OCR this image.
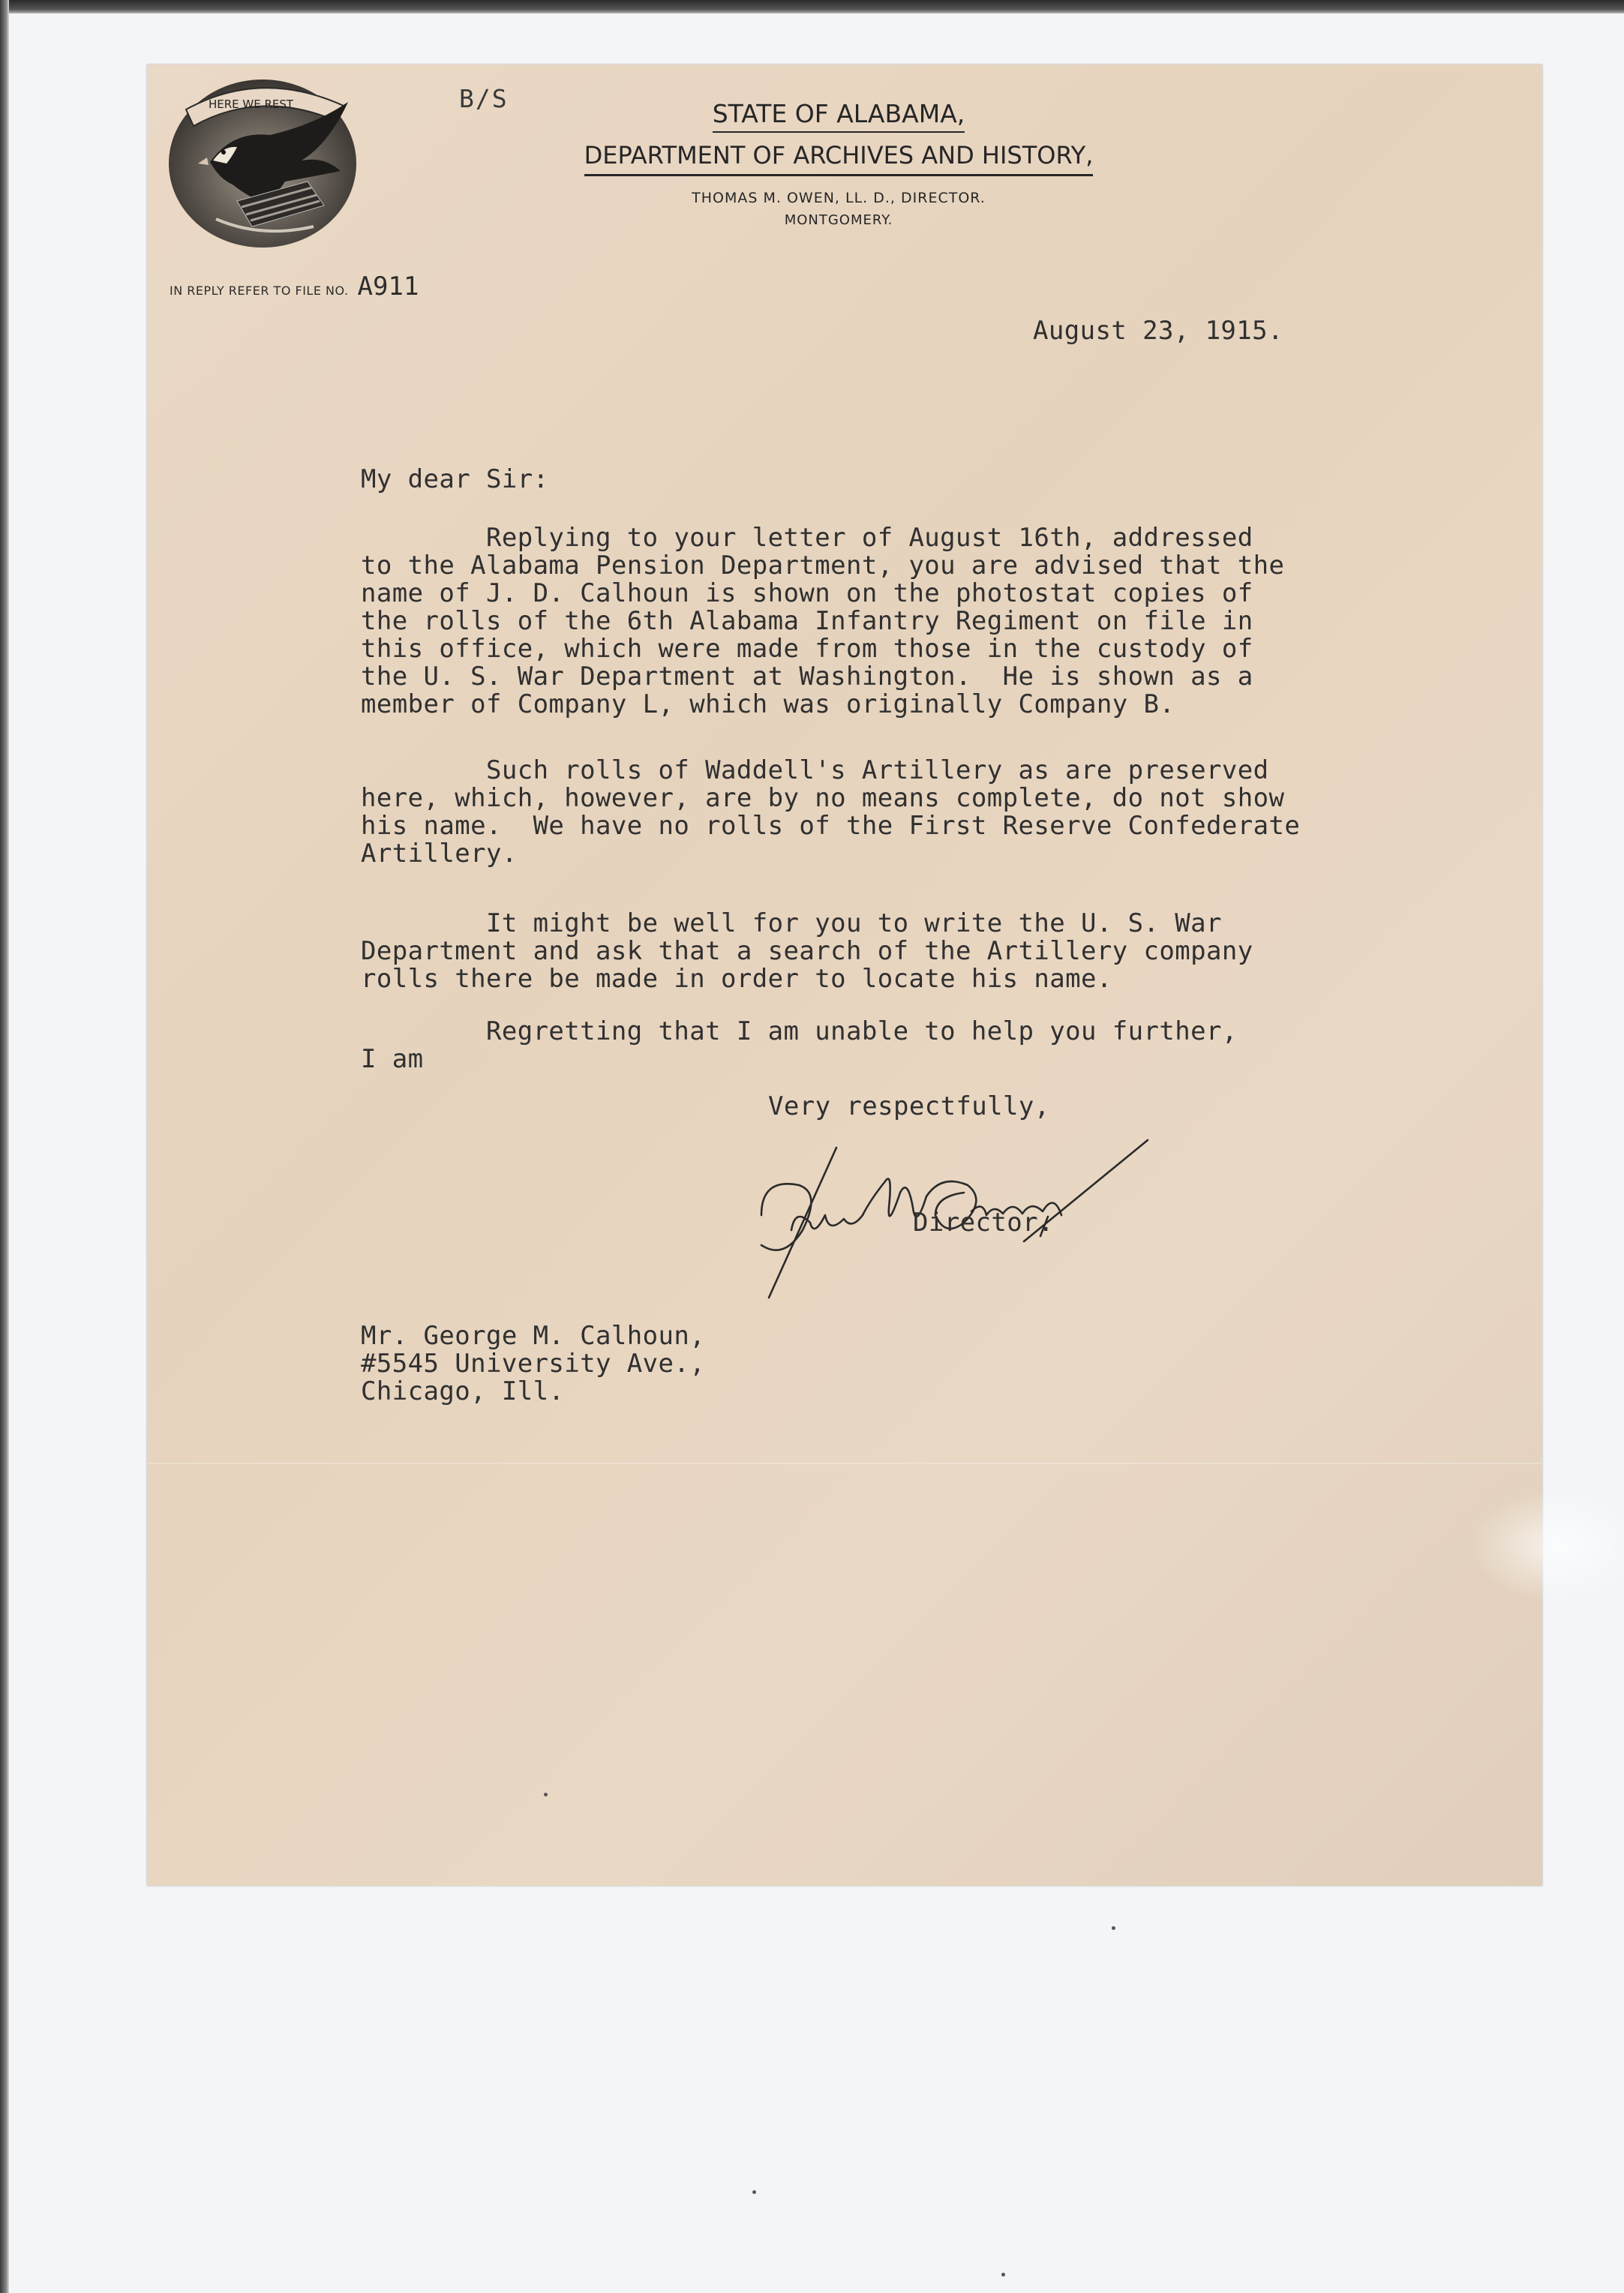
HERE WE REST	B/S
STATE OF ALABAMA,
DEPARTMENT OF ARCHIVES AND HISTORY,
THOMAS M. OWEN, LL. D., DIRECTOR.
MONTGOMERY.
IN REPLY REFER TO FILE NO. A911
August 23, 1915.
My dear Sir:
Replying to your letter of August 16th, addressed
to the Alabama Pension Department, you are advised that the
name of J. D. Calhoun is shown on the photostat copies of
the rolls of the 6th Alabama Infantry Regiment on file in
this office, which were made from those in the custody of
the U. S. War Department at Washington.  He is shown as a
member of Company L, which was originally Company B.
Such rolls of Waddell's Artillery as are preserved
here, which, however, are by no means complete, do not show
his name.  We have no rolls of the First Reserve Confederate
Artillery.
It might be well for you to write the U. S. War
Department and ask that a search of the Artillery company
rolls there be made in order to locate his name.
Regretting that I am unable to help you further,
I am
Very respectfully,
Director.
Mr. George M. Calhoun,
#5545 University Ave.,
Chicago, Ill.
